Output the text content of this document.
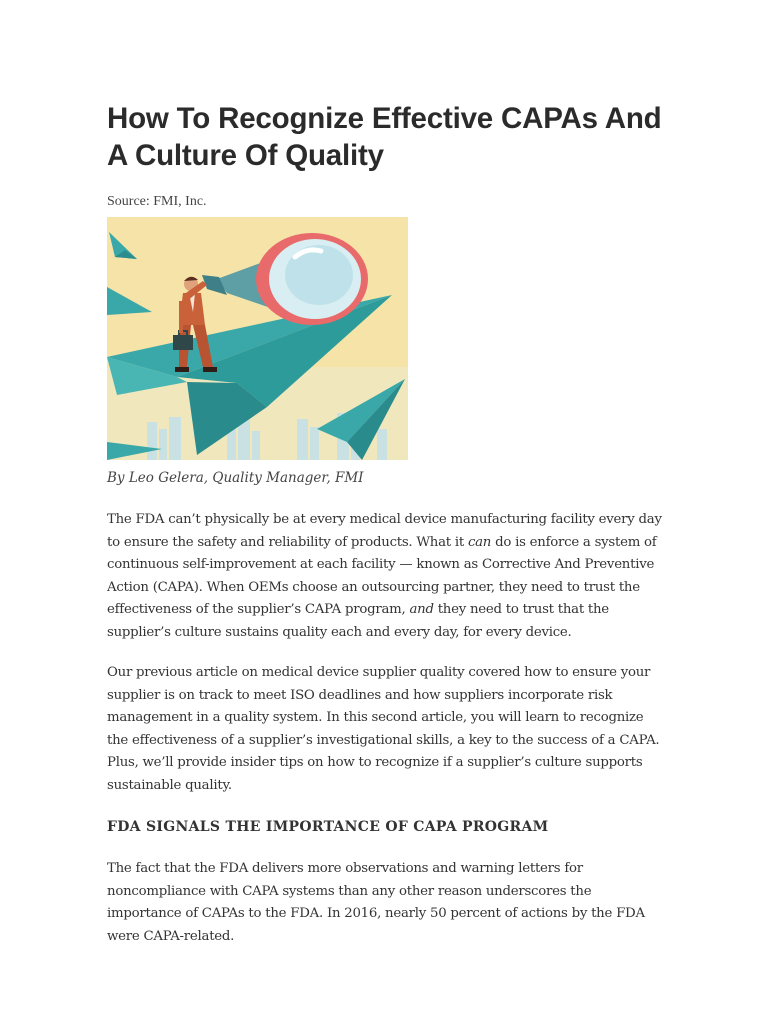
How To Recognize Effective CAPAs And A Culture Of Quality
Source: FMI, Inc.
By Leo Gelera, Quality Manager, FMI

The FDA can’t physically be at every medical device manufacturing facility every day to ensure the safety and reliability of products. What it can do is enforce a system of continuous self-improvement at each facility — known as Corrective And Preventive Action (CAPA). When OEMs choose an outsourcing partner, they need to trust the effectiveness of the supplier’s CAPA program, and they need to trust that the supplier’s culture sustains quality each and every day, for every device.

Our previous article on medical device supplier quality covered how to ensure your supplier is on track to meet ISO deadlines and how suppliers incorporate risk management in a quality system. In this second article, you will learn to recognize the effectiveness of a supplier’s investigational skills, a key to the success of a CAPA. Plus, we’ll provide insider tips on how to recognize if a supplier’s culture supports sustainable quality.

FDA SIGNALS THE IMPORTANCE OF CAPA PROGRAM

The fact that the FDA delivers more observations and warning letters for noncompliance with CAPA systems than any other reason underscores the importance of CAPAs to the FDA. In 2016, nearly 50 percent of actions by the FDA were CAPA-related.
